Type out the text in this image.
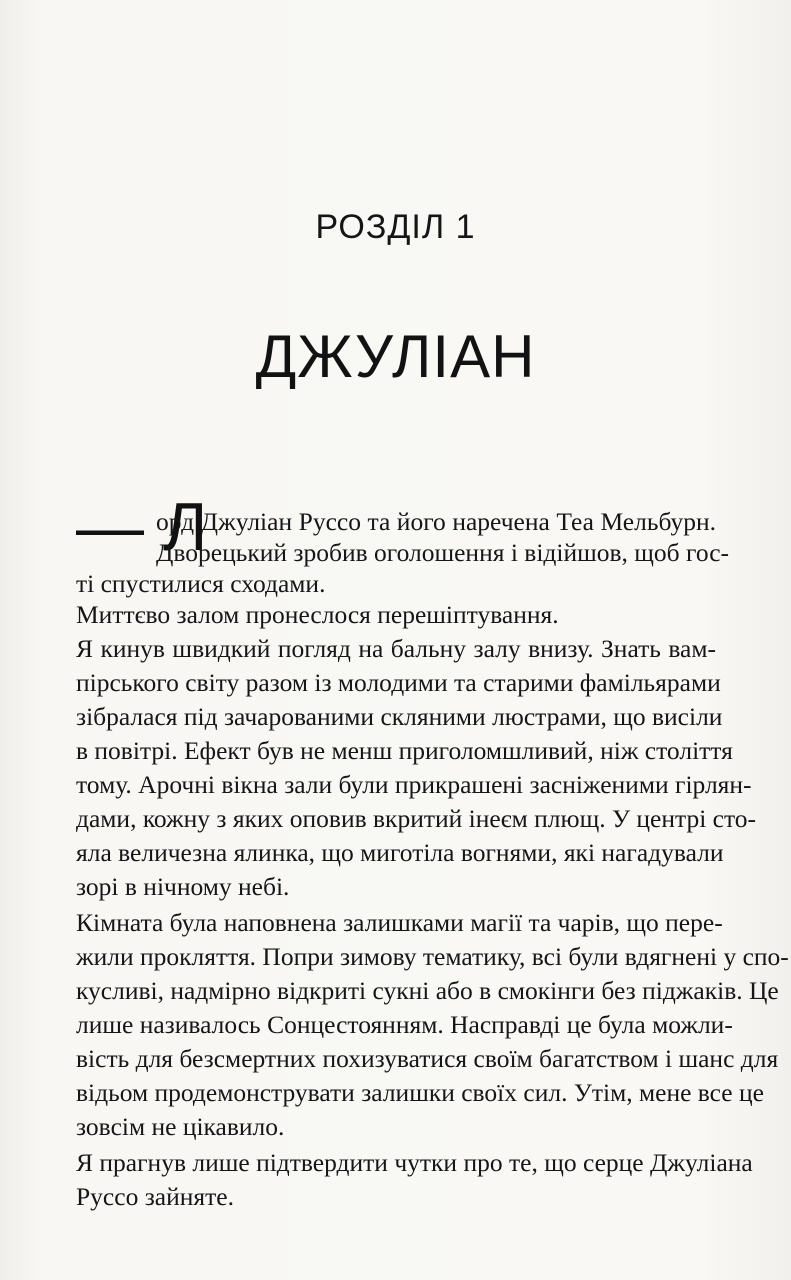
РОЗДІЛ 1
ДЖУЛІАН
— Л
орд Джуліан Руссо та його наречена Теа Мельбурн.
Дворецький зробив оголошення і відійшов, щоб гос-
ті спустилися сходами.
Миттєво залом пронеслося перешіптування.
Я кинув швидкий погляд на бальну залу внизу. Знать вам-
пірського світу разом із молодими та старими фамільярами
зібралася під зачарованими скляними люстрами, що висіли
в повітрі. Ефект був не менш приголомшливий, ніж століття
тому. Арочні вікна зали були прикрашені засніженими гірлян-
дами, кожну з яких оповив вкритий інеєм плющ. У центрі сто-
яла величезна ялинка, що миготіла вогнями, які нагадували
зорі в нічному небі.
Кімната була наповнена залишками магії та чарів, що пере-
жили прокляття. Попри зимову тематику, всі були вдягнені у спо-
кусливі, надмірно відкриті сукні або в смокінги без піджаків. Це
лише називалось Сонцестоянням. Насправді це була можли-
вість для безсмертних похизуватися своїм багатством і шанс для
відьом продемонструвати залишки своїх сил. Утім, мене все це
зовсім не цікавило.
Я прагнув лише підтвердити чутки про те, що серце Джуліана
Руссо зайняте.
